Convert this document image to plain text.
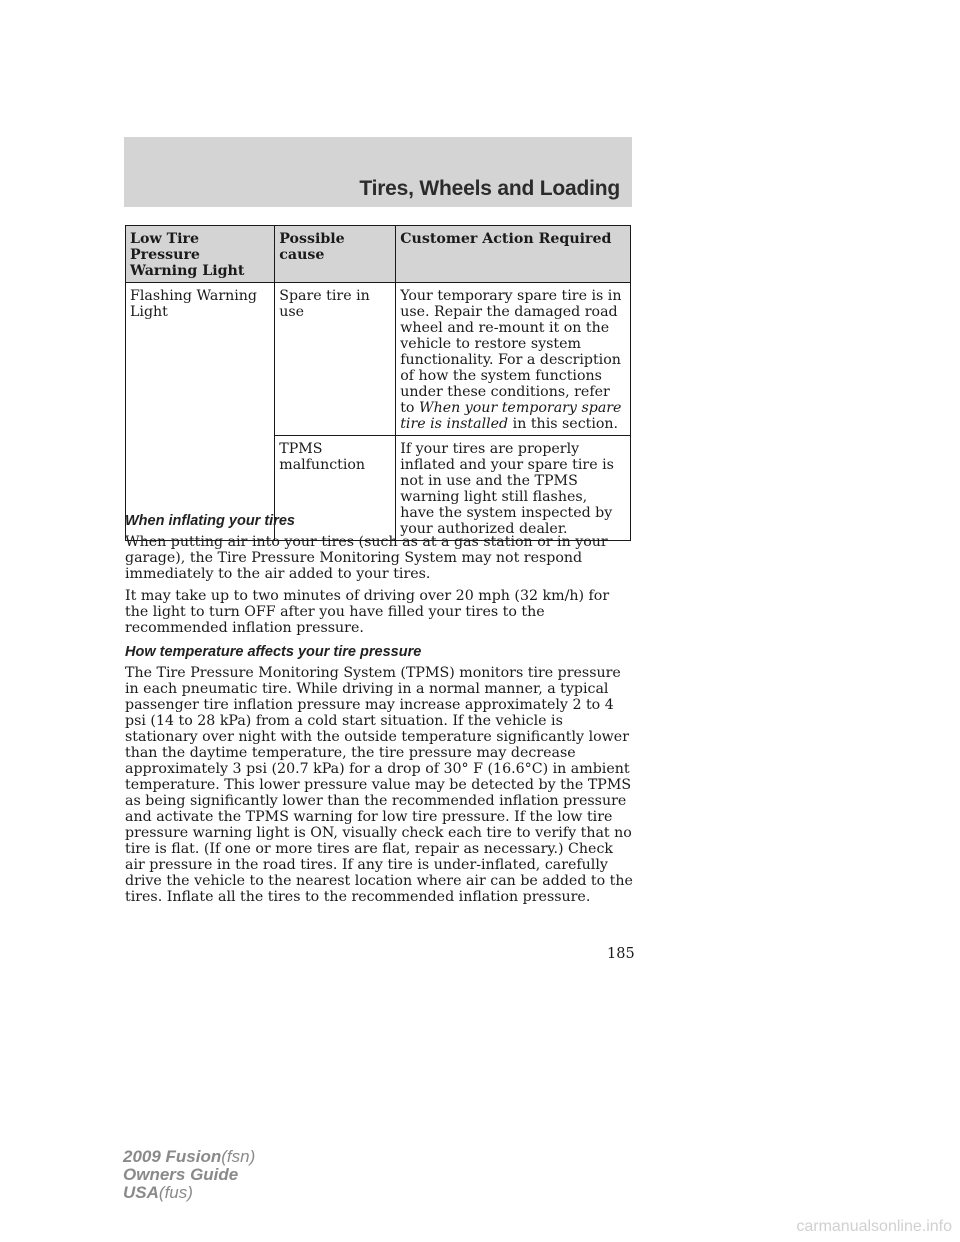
Tires, Wheels and Loading
Low Tire Pressure Warning Light	Possible cause	Customer Action Required
Flashing Warning Light	Spare tire in use	Your temporary spare tire is in use. Repair the damaged road wheel and re-mount it on the vehicle to restore system functionality. For a description of how the system functions under these conditions, refer to When your temporary spare tire is installed in this section.
	TPMS malfunction	If your tires are properly inflated and your spare tire is not in use and the TPMS warning light still flashes, have the system inspected by your authorized dealer.
When inflating your tires

When putting air into your tires (such as at a gas station or in your garage), the Tire Pressure Monitoring System may not respond immediately to the air added to your tires.

It may take up to two minutes of driving over 20 mph (32 km/h) for the light to turn OFF after you have filled your tires to the recommended inflation pressure.

How temperature affects your tire pressure

The Tire Pressure Monitoring System (TPMS) monitors tire pressure in each pneumatic tire. While driving in a normal manner, a typical passenger tire inflation pressure may increase approximately 2 to 4 psi (14 to 28 kPa) from a cold start situation. If the vehicle is stationary over night with the outside temperature significantly lower than the daytime temperature, the tire pressure may decrease approximately 3 psi (20.7 kPa) for a drop of 30° F (16.6°C) in ambient temperature. This lower pressure value may be detected by the TPMS as being significantly lower than the recommended inflation pressure and activate the TPMS warning for low tire pressure. If the low tire pressure warning light is ON, visually check each tire to verify that no tire is flat. (If one or more tires are flat, repair as necessary.) Check air pressure in the road tires. If any tire is under-inflated, carefully drive the vehicle to the nearest location where air can be added to the tires. Inflate all the tires to the recommended inflation pressure.

185
2009 Fusion(fsn)
Owners Guide
USA(fus)
carmanualsonline.info
